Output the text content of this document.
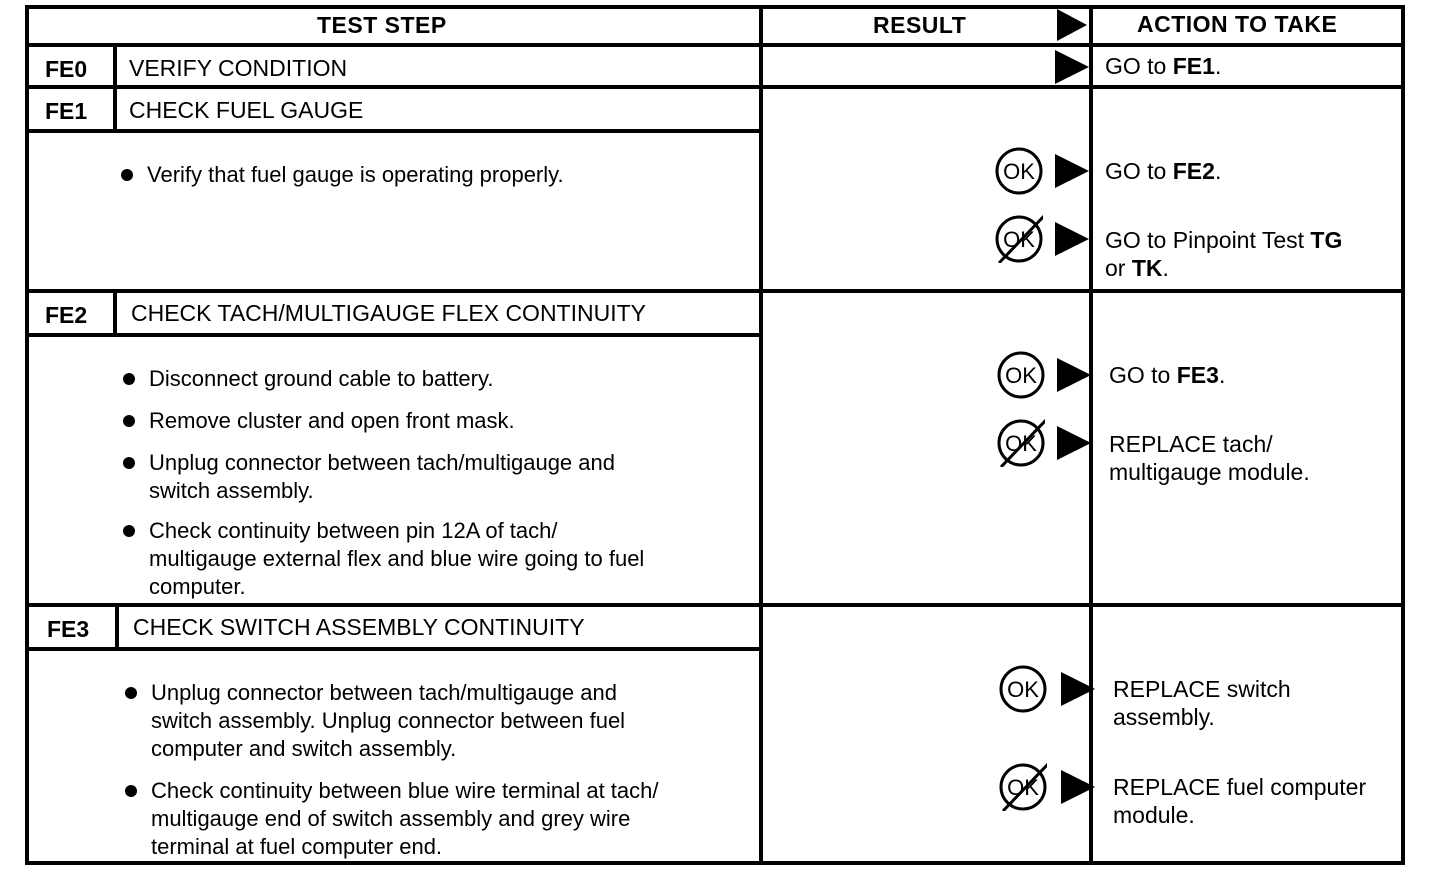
TEST STEP	RESULT	ACTION TO TAKE
FE0 VERIFY CONDITION	GO to FE1.
FE1 CHECK FUEL GAUGE
Verify that fuel gauge is operating properly.	OK	GO to FE2.
OK	GO to Pinpoint Test TG
or TK.
FE2 CHECK TACH/MULTIGAUGE FLEX CONTINUITY
Disconnect ground cable to battery.
Remove cluster and open front mask.
Unplug connector between tach/multigauge and
switch assembly.
Check continuity between pin 12A of tach/
multigauge external flex and blue wire going to fuel
computer.
OK	GO to FE3.
OK	REPLACE tach/
multigauge module.
FE3 CHECK SWITCH ASSEMBLY CONTINUITY
Unplug connector between tach/multigauge and
switch assembly. Unplug connector between fuel
computer and switch assembly.
Check continuity between blue wire terminal at tach/
multigauge end of switch assembly and grey wire
terminal at fuel computer end.
OK	REPLACE switch
assembly.
OK	REPLACE fuel computer
module.
